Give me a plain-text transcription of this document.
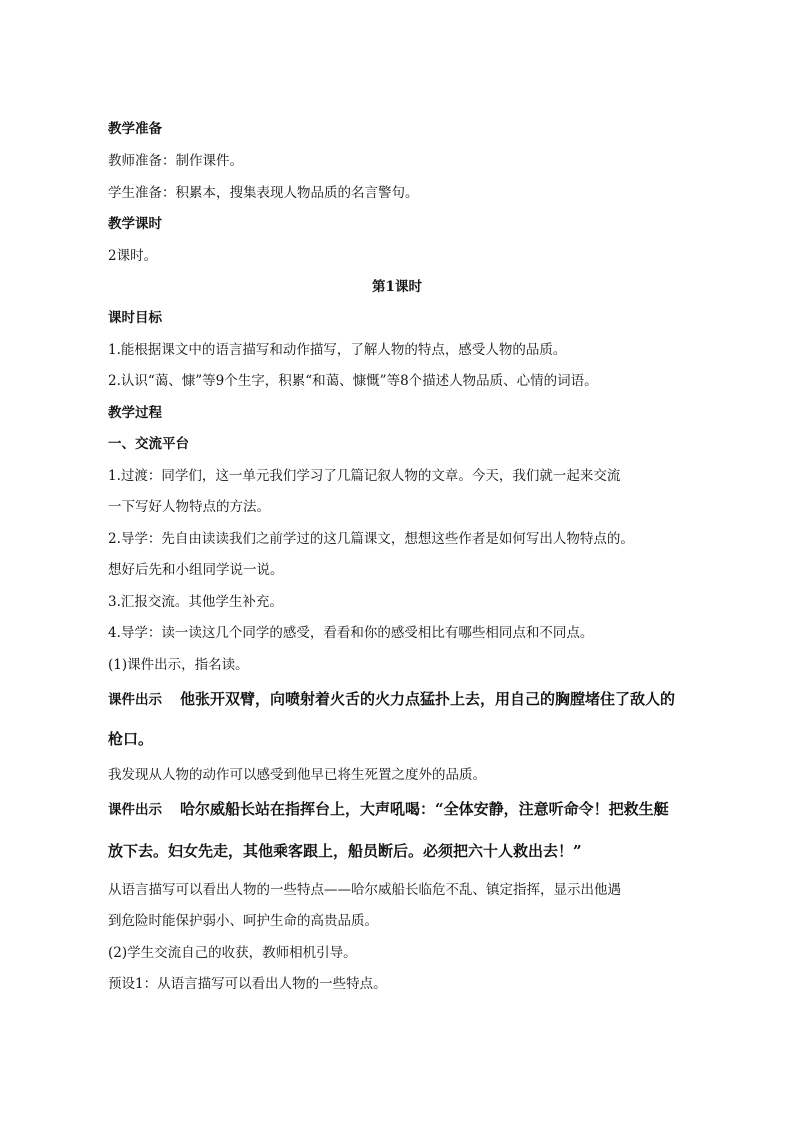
教学准备
教师准备：制作课件。
学生准备：积累本，搜集表现人物品质的名言警句。
教学课时
2课时。
第1课时
课时目标
1.能根据课文中的语言描写和动作描写，了解人物的特点，感受人物的品质。
2.认识“蔼、慷”等9个生字，积累“和蔼、慷慨”等8个描述人物品质、心情的词语。
教学过程
一、交流平台
1.过渡：同学们，这一单元我们学习了几篇记叙人物的文章。今天，我们就一起来交流
一下写好人物特点的方法。
2.导学：先自由读读我们之前学过的这几篇课文，想想这些作者是如何写出人物特点的。
想好后先和小组同学说一说。
3.汇报交流。其他学生补充。
4.导学：读一读这几个同学的感受，看看和你的感受相比有哪些相同点和不同点。
(1)课件出示，指名读。
课件出示 他张开双臂，向喷射着火舌的火力点猛扑上去，用自己的胸膛堵住了敌人的
枪口。
我发现从人物的动作可以感受到他早已将生死置之度外的品质。
课件出示 哈尔威船长站在指挥台上，大声吼喝：“全体安静，注意听命令！把救生艇
放下去。妇女先走，其他乘客跟上，船员断后。必须把六十人救出去！”
从语言描写可以看出人物的一些特点——哈尔威船长临危不乱、镇定指挥，显示出他遇
到危险时能保护弱小、呵护生命的高贵品质。
(2)学生交流自己的收获，教师相机引导。
预设1：从语言描写可以看出人物的一些特点。
